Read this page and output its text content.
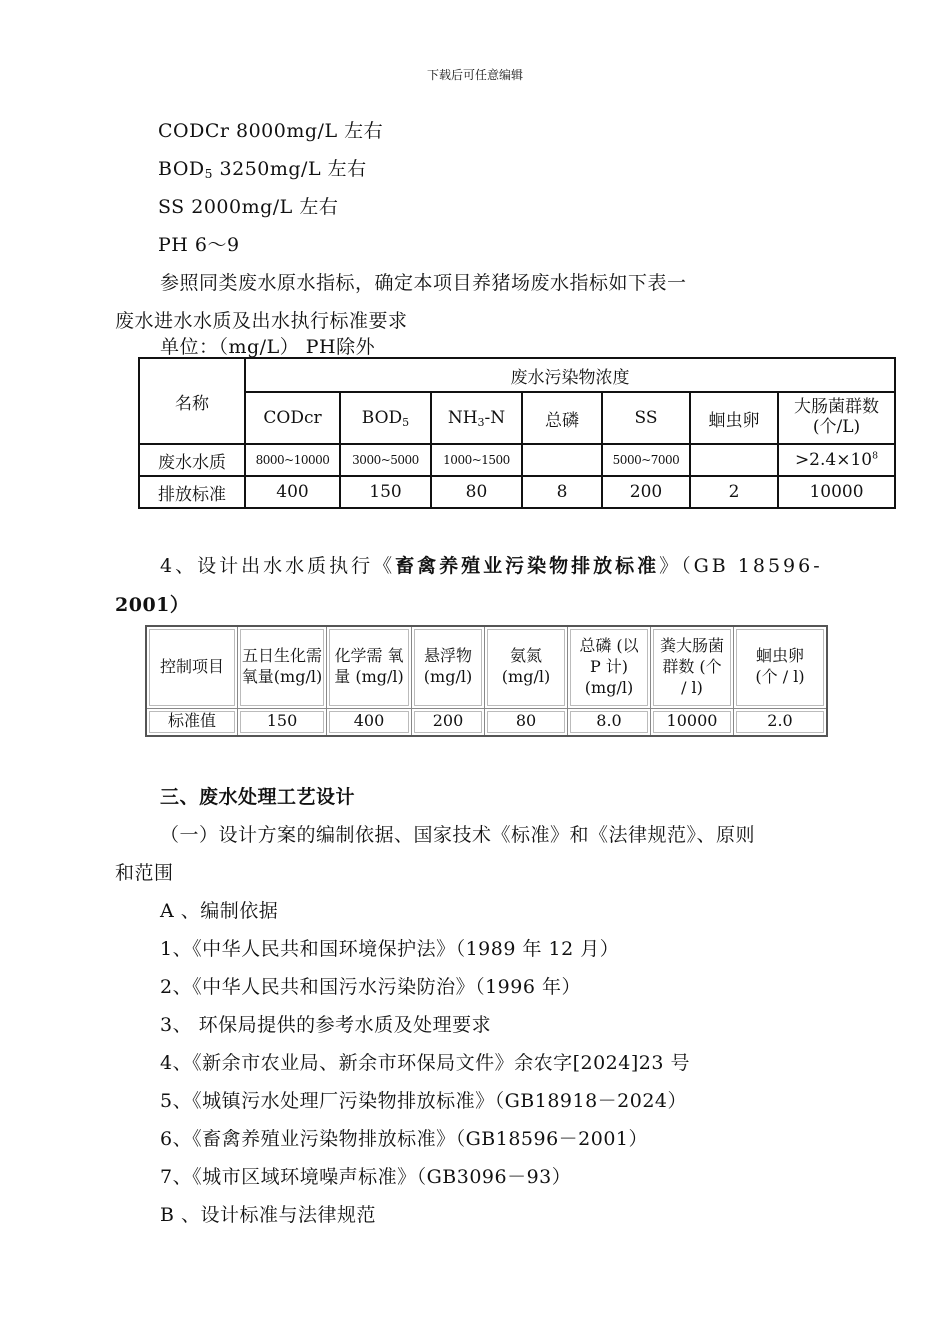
下载后可任意编辑
CODCr 8000mg/L 左右
$BOD_5$ 3250mg/L 左右
SS 2000mg/L 左右
PH 6～9
参照同类废水原水指标，确定本项目养猪场废水指标如下表一
废水进水水质及出水执行标准要求
单位：（mg/L） PH除外
名称	废水污染物浓度						
	CODcr	$BOD_5$	$NH_3-N$	总磷	SS	蛔虫卵	大肠菌群数
(个/L)
废水水质	8000~10000	3000~5000	1000~1500		5000~7000		$>2.4\times 10^8$
排放标准	400	150	80	8	200	2	10000
4、设计出水水质执行《畜禽养殖业污染物排放标准》（GB 18596-
2001）
控制项目	五日生化需
氧量(mg/l)	化学需 氧
量 (mg/l)	悬浮物
(mg/l)	氨氮
(mg/l)	总磷 (以
P 计)
(mg/l)	粪大肠菌
群数 (个
/ l)	蛔虫卵
(个 / l)
标准值	150	400	200	80	8.0	10000	2.0
三、废水处理工艺设计
（一）设计方案的编制依据、国家技术《标准》和《法律规范》、原则
和范围
A 、编制依据
1、《中华人民共和国环境保护法》（1989 年 12 月）
2、《中华人民共和国污水污染防治》（1996 年）
3、 环保局提供的参考水质及处理要求
4、《新余市农业局、新余市环保局文件》余农字[2024]23 号
5、《城镇污水处理厂污染物排放标准》（GB18918－2024）
6、《畜禽养殖业污染物排放标准》（GB18596－2001）
7、《城市区域环境噪声标准》（GB3096－93）
B 、设计标准与法律规范
